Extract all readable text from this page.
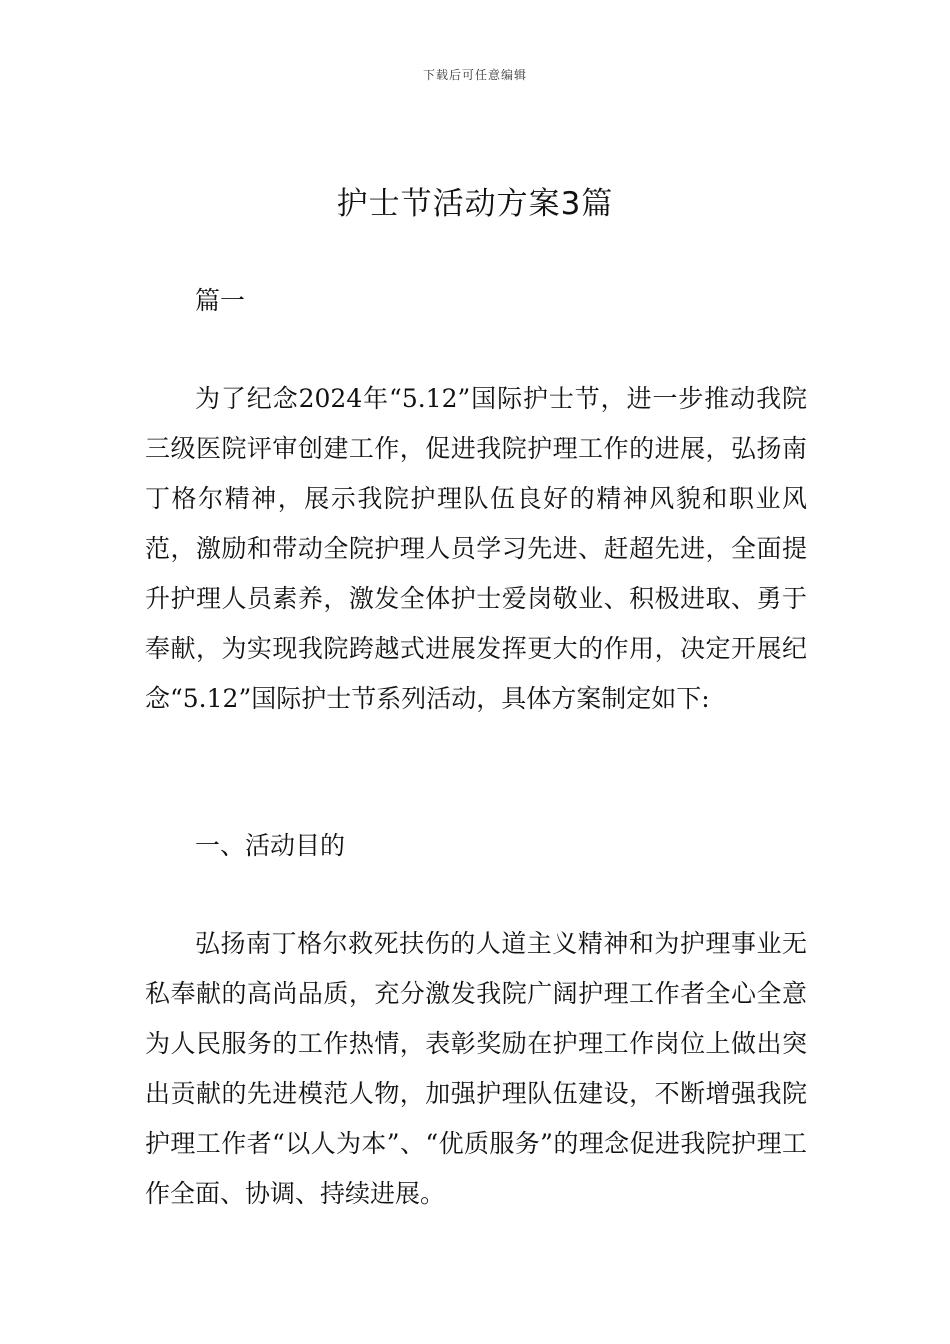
下载后可任意编辑
护士节活动方案3篇

篇一

为了纪念2024年“5.12”国际护士节，进一步推动我院三级医院评审创建工作，促进我院护理工作的进展，弘扬南丁格尔精神，展示我院护理队伍良好的精神风貌和职业风范，激励和带动全院护理人员学习先进、赶超先进，全面提升护理人员素养，激发全体护士爱岗敬业、积极进取、勇于奉献，为实现我院跨越式进展发挥更大的作用，决定开展纪念“5.12”国际护士节系列活动，具体方案制定如下:

一、活动目的

弘扬南丁格尔救死扶伤的人道主义精神和为护理事业无私奉献的高尚品质，充分激发我院广阔护理工作者全心全意为人民服务的工作热情，表彰奖励在护理工作岗位上做出突出贡献的先进模范人物，加强护理队伍建设，不断增强我院护理工作者“以人为本”、“优质服务”的理念促进我院护理工作全面、协调、持续进展。
